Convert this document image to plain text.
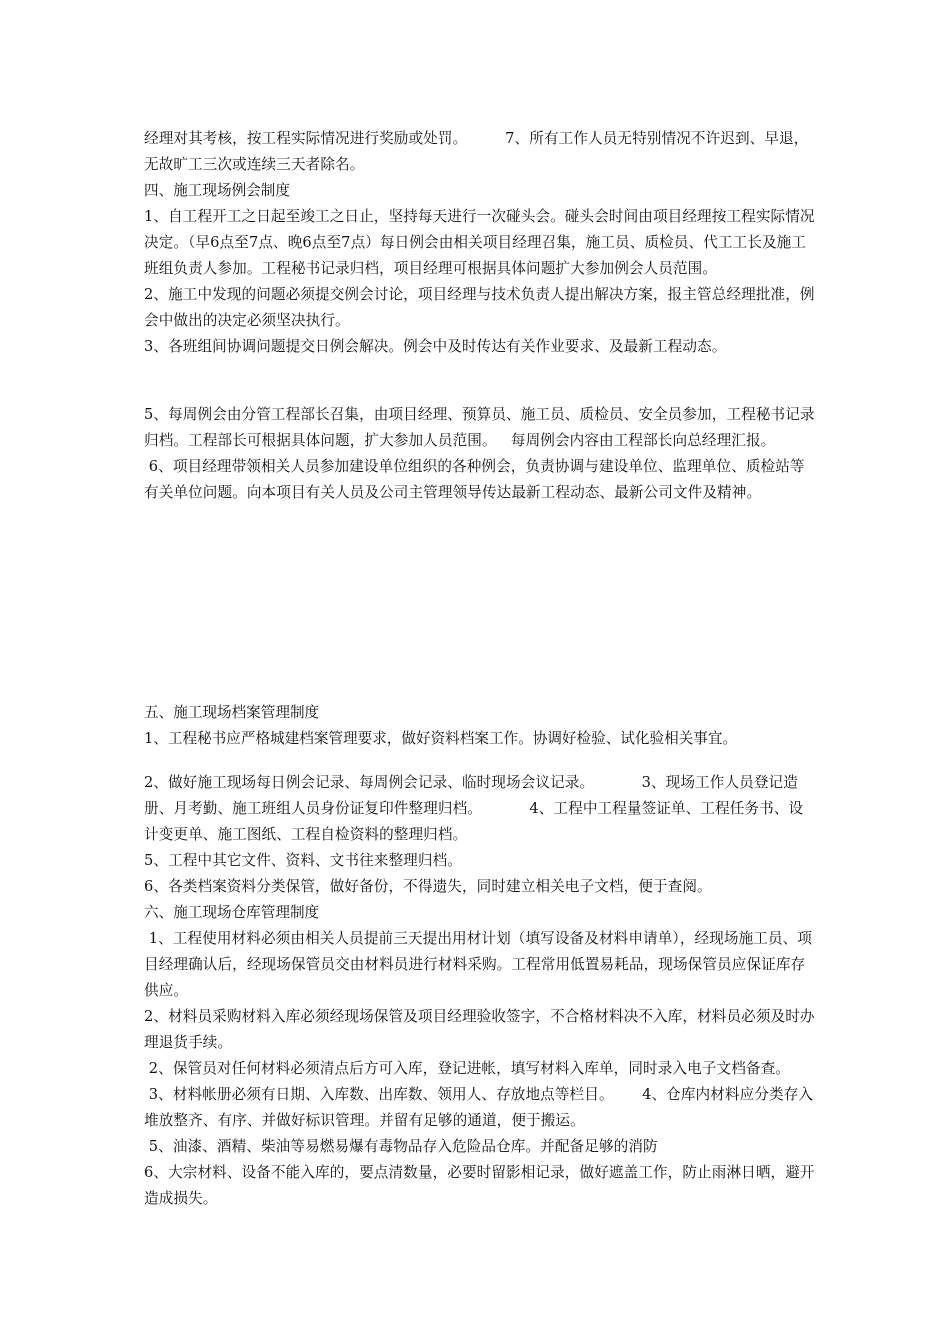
经理对其考核，按工程实际情况进行奖励或处罚。        7、所有工作人员无特别情况不许迟到、早退，无故旷工三次或连续三天者除名。

四、施工现场例会制度

1、自工程开工之日起至竣工之日止，坚持每天进行一次碰头会。碰头会时间由项目经理按工程实际情况决定。（早6点至7点、晚6点至7点）每日例会由相关项目经理召集，施工员、质检员、代工工长及施工班组负责人参加。工程秘书记录归档，项目经理可根据具体问题扩大参加例会人员范围。

2、施工中发现的问题必须提交例会讨论，项目经理与技术负责人提出解决方案，报主管总经理批准，例会中做出的决定必须坚决执行。

3、各班组间协调问题提交日例会解决。例会中及时传达有关作业要求、及最新工程动态。

5、每周例会由分管工程部长召集，由项目经理、预算员、施工员、质检员、安全员参加，工程秘书记录归档。工程部长可根据具体问题，扩大参加人员范围。   每周例会内容由工程部长向总经理汇报。

6、项目经理带领相关人员参加建设单位组织的各种例会，负责协调与建设单位、监理单位、质检站等有关单位问题。向本项目有关人员及公司主管理领导传达最新工程动态、最新公司文件及精神。

五、施工现场档案管理制度

1、工程秘书应严格城建档案管理要求，做好资料档案工作。协调好检验、试化验相关事宜。

2、做好施工现场每日例会记录、每周例会记录、临时现场会议记录。          3、现场工作人员登记造册、月考勤、施工班组人员身份证复印件整理归档。          4、工程中工程量签证单、工程任务书、设计变更单、施工图纸、工程自检资料的整理归档。

5、工程中其它文件、资料、文书往来整理归档。

6、各类档案资料分类保管，做好备份，不得遗失，同时建立相关电子文档，便于查阅。

六、施工现场仓库管理制度

1、工程使用材料必须由相关人员提前三天提出用材计划（填写设备及材料申请单），经现场施工员、项目经理确认后，经现场保管员交由材料员进行材料采购。工程常用低置易耗品，现场保管员应保证库存供应。

2、材料员采购材料入库必须经现场保管及项目经理验收签字，不合格材料决不入库，材料员必须及时办理退货手续。

2、保管员对任何材料必须清点后方可入库，登记进帐，填写材料入库单，同时录入电子文档备查。

3、材料帐册必须有日期、入库数、出库数、领用人、存放地点等栏目。      4、仓库内材料应分类存入堆放整齐、有序、并做好标识管理。并留有足够的通道，便于搬运。

5、油漆、酒精、柴油等易燃易爆有毒物品存入危险品仓库。并配备足够的消防

6、大宗材料、设备不能入库的，要点清数量，必要时留影相记录，做好遮盖工作，防止雨淋日晒，避开造成损失。
